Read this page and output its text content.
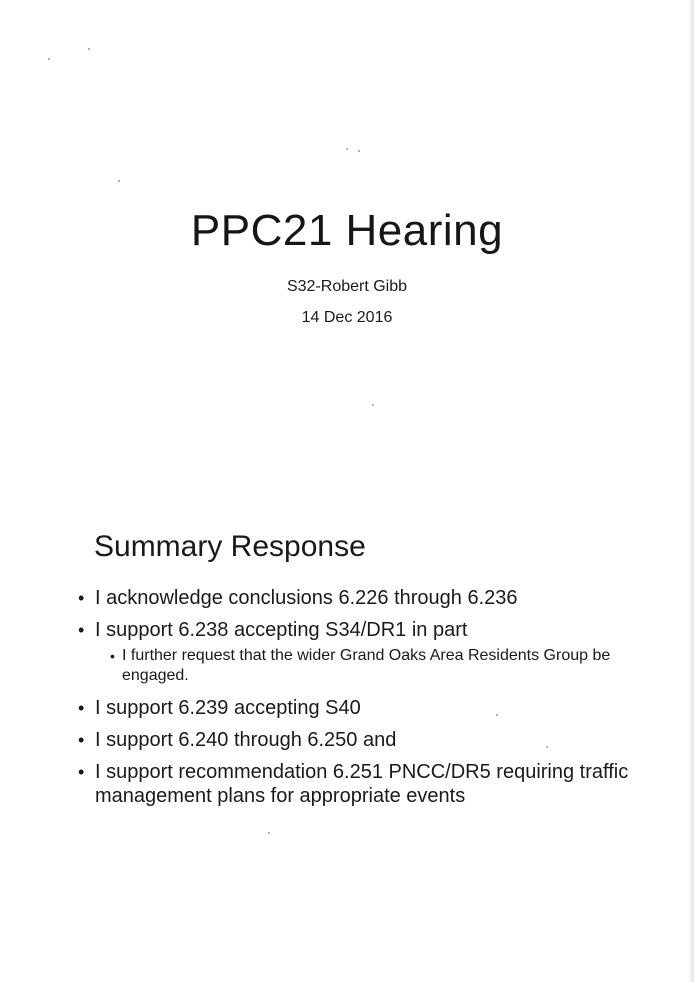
PPC21 Hearing
S32-Robert Gibb
14 Dec 2016
Summary Response
• I acknowledge conclusions 6.226 through 6.236
• I support 6.238 accepting S34/DR1 in part
• I further request that the wider Grand Oaks Area Residents Group be engaged.
• I support 6.239 accepting S40
• I support 6.240 through 6.250 and
• I support recommendation 6.251 PNCC/DR5 requiring traffic management plans for appropriate events
